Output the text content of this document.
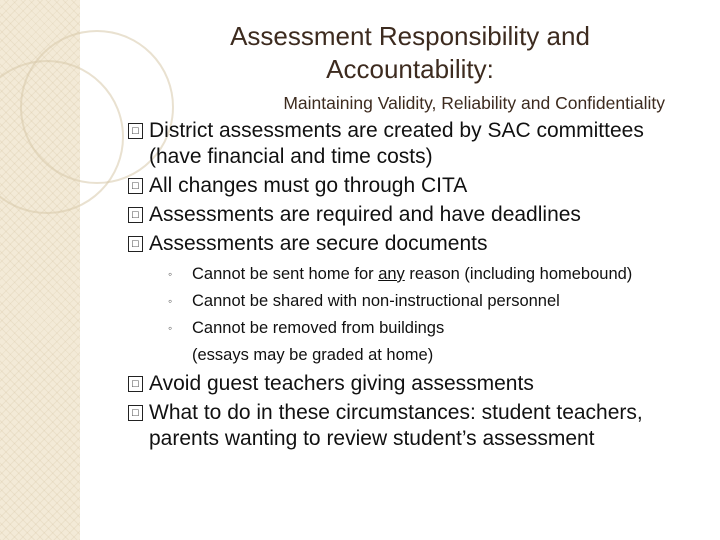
Assessment Responsibility and
Accountability:
Maintaining Validity, Reliability and Confidentiality
□ District assessments are created by SAC committees (have financial and time costs)
□ All changes must go through CITA
□ Assessments are required and have deadlines
□ Assessments are secure documents
◦ Cannot be sent home for any reason (including homebound)
◦ Cannot be shared with non-instructional personnel
◦ Cannot be removed from buildings
(essays may be graded at home)
□ Avoid guest teachers giving assessments
□ What to do in these circumstances: student teachers, parents wanting to review student’s assessment
